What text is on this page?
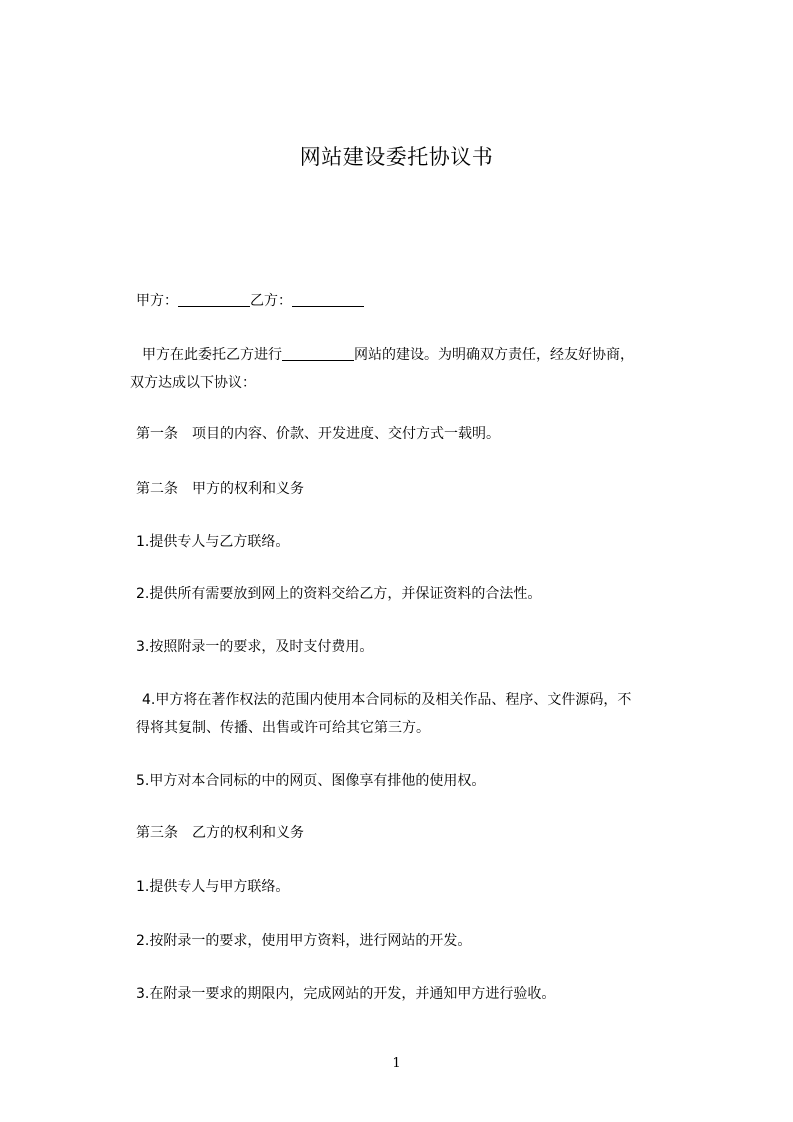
网站建设委托协议书
甲方：	乙方：
甲方在此委托乙方进行	网站的建设。为明确双方责任，经友好协商，
双方达成以下协议：
第一条　项目的内容、价款、开发进度、交付方式一载明。
第二条　甲方的权利和义务
1.提供专人与乙方联络。
2.提供所有需要放到网上的资料交给乙方，并保证资料的合法性。
3.按照附录一的要求，及时支付费用。
4.甲方将在著作权法的范围内使用本合同标的及相关作品、程序、文件源码，不
得将其复制、传播、出售或许可给其它第三方。
5.甲方对本合同标的中的网页、图像享有排他的使用权。
第三条　乙方的权利和义务
1.提供专人与甲方联络。
2.按附录一的要求，使用甲方资料，进行网站的开发。
3.在附录一要求的期限内，完成网站的开发，并通知甲方进行验收。
1
